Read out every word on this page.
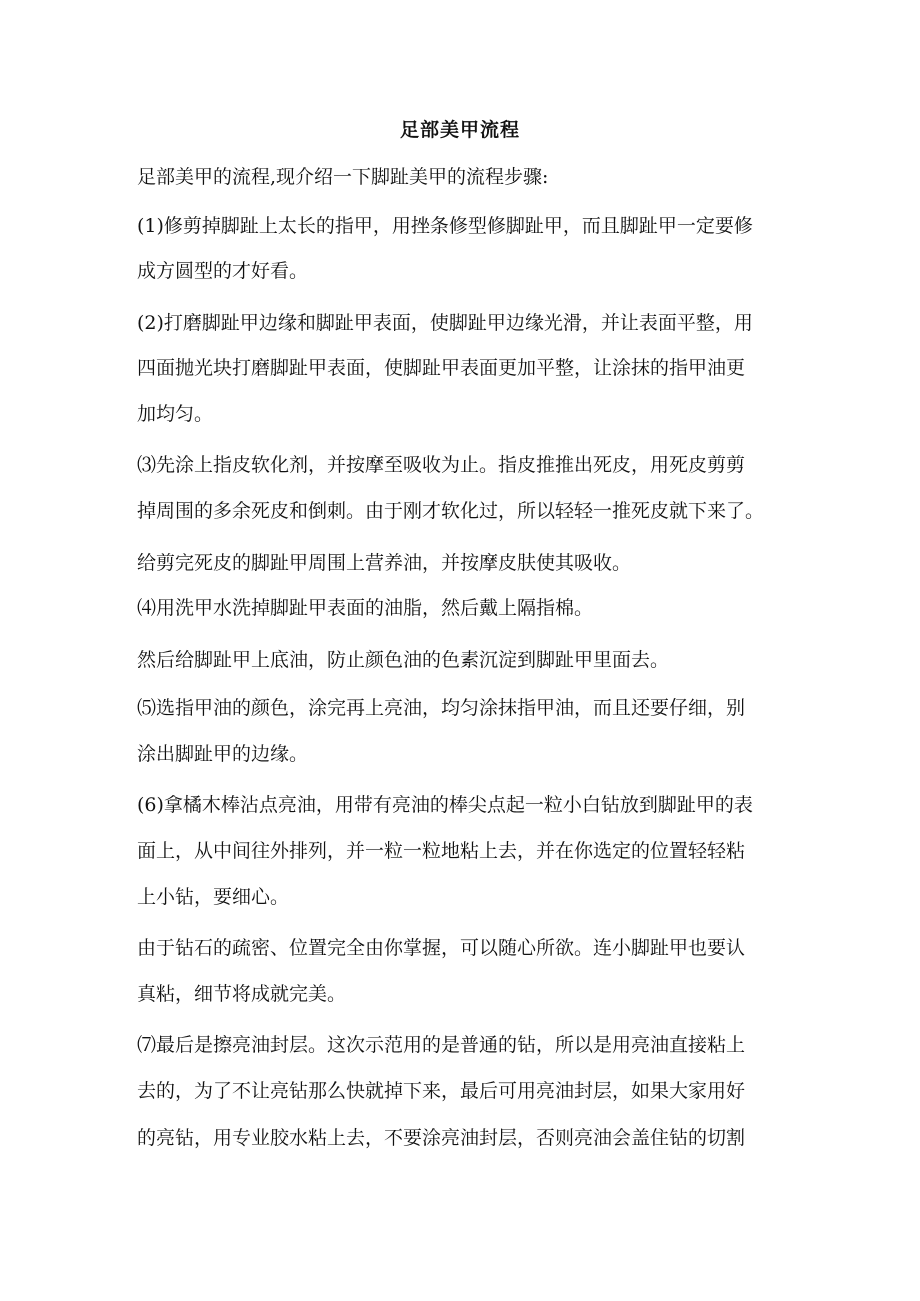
足部美甲流程
足部美甲的流程,现介绍一下脚趾美甲的流程步骤:
(1)修剪掉脚趾上太长的指甲，用挫条修型修脚趾甲，而且脚趾甲一定要修
成方圆型的才好看。
(2)打磨脚趾甲边缘和脚趾甲表面，使脚趾甲边缘光滑，并让表面平整，用
四面抛光块打磨脚趾甲表面，使脚趾甲表面更加平整，让涂抹的指甲油更
加均匀。
⑶先涂上指皮软化剂，并按摩至吸收为止。指皮推推出死皮，用死皮剪剪
掉周围的多余死皮和倒刺。由于刚才软化过，所以轻轻一推死皮就下来了。
给剪完死皮的脚趾甲周围上营养油，并按摩皮肤使其吸收。
⑷用洗甲水洗掉脚趾甲表面的油脂，然后戴上隔指棉。
然后给脚趾甲上底油，防止颜色油的色素沉淀到脚趾甲里面去。
⑸选指甲油的颜色，涂完再上亮油，均匀涂抹指甲油，而且还要仔细，别
涂出脚趾甲的边缘。
(6)拿橘木棒沾点亮油，用带有亮油的棒尖点起一粒小白钻放到脚趾甲的表
面上，从中间往外排列，并一粒一粒地粘上去，并在你选定的位置轻轻粘
上小钻，要细心。
由于钻石的疏密、位置完全由你掌握，可以随心所欲。连小脚趾甲也要认
真粘，细节将成就完美。
⑺最后是擦亮油封层。这次示范用的是普通的钻，所以是用亮油直接粘上
去的，为了不让亮钻那么快就掉下来，最后可用亮油封层，如果大家用好
的亮钻，用专业胶水粘上去，不要涂亮油封层，否则亮油会盖住钻的切割
